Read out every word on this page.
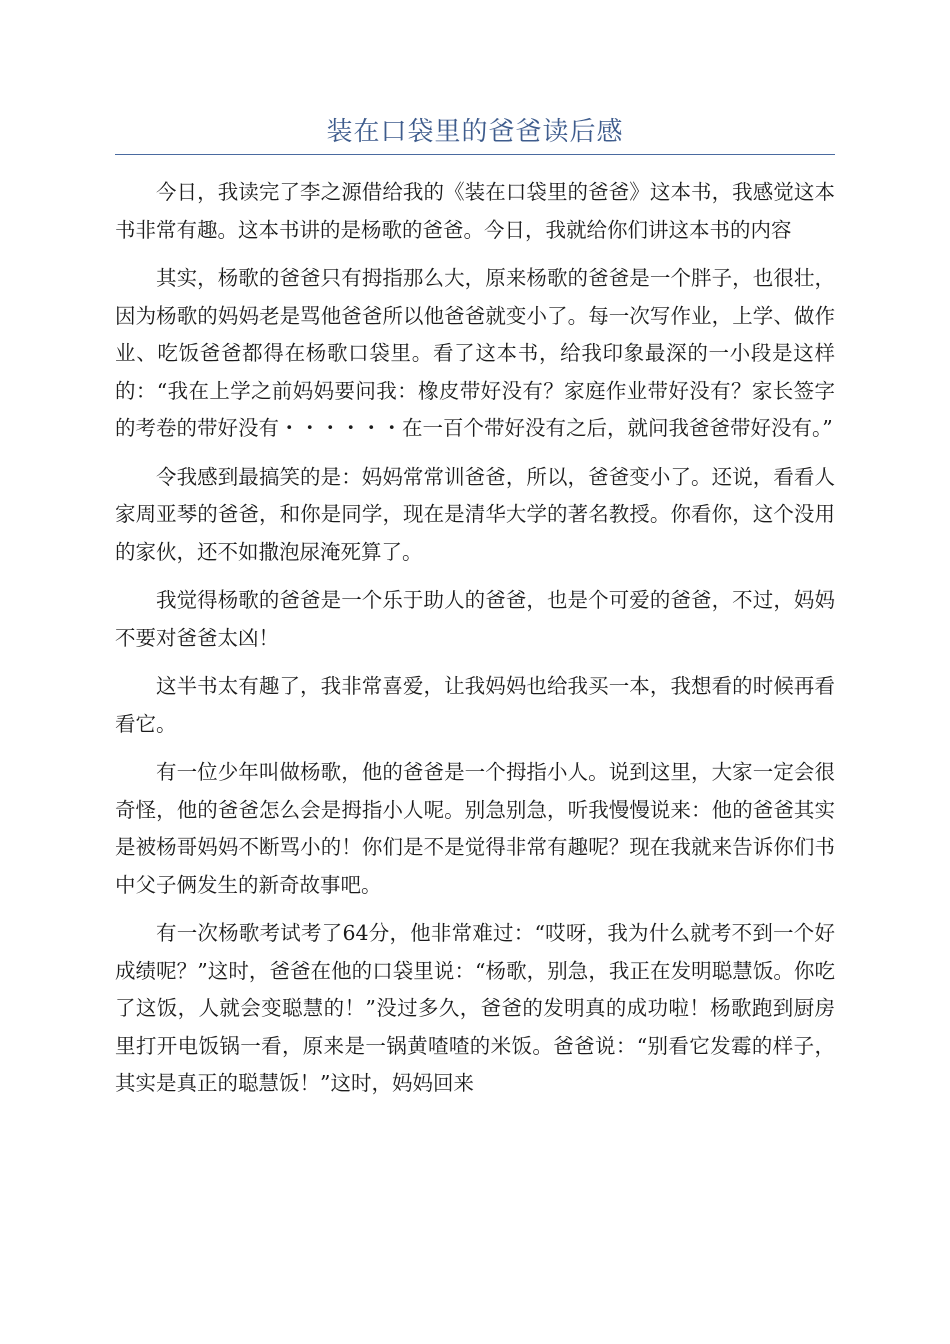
装在口袋里的爸爸读后感

今日，我读完了李之源借给我的《装在口袋里的爸爸》这本书，我感觉这本书非常有趣。这本书讲的是杨歌的爸爸。今日，我就给你们讲这本书的内容

其实，杨歌的爸爸只有拇指那么大，原来杨歌的爸爸是一个胖子，也很壮，因为杨歌的妈妈老是骂他爸爸所以他爸爸就变小了。每一次写作业，上学、做作业、吃饭爸爸都得在杨歌口袋里。看了这本书，给我印象最深的一小段是这样的：“我在上学之前妈妈要问我：橡皮带好没有？家庭作业带好没有？家长签字的考卷的带好没有・・・・・・在一百个带好没有之后，就问我爸爸带好没有。”

令我感到最搞笑的是：妈妈常常训爸爸，所以，爸爸变小了。还说，看看人家周亚琴的爸爸，和你是同学，现在是清华大学的著名教授。你看你，这个没用的家伙，还不如撒泡尿淹死算了。

我觉得杨歌的爸爸是一个乐于助人的爸爸，也是个可爱的爸爸，不过，妈妈不要对爸爸太凶！

这半书太有趣了，我非常喜爱，让我妈妈也给我买一本，我想看的时候再看看它。

有一位少年叫做杨歌，他的爸爸是一个拇指小人。说到这里，大家一定会很奇怪，他的爸爸怎么会是拇指小人呢。别急别急，听我慢慢说来：他的爸爸其实是被杨哥妈妈不断骂小的！你们是不是觉得非常有趣呢？现在我就来告诉你们书中父子俩发生的新奇故事吧。

有一次杨歌考试考了64分，他非常难过：“哎呀，我为什么就考不到一个好成绩呢？”这时，爸爸在他的口袋里说：“杨歌，别急，我正在发明聪慧饭。你吃了这饭，人就会变聪慧的！”没过多久，爸爸的发明真的成功啦！杨歌跑到厨房里打开电饭锅一看，原来是一锅黄喳喳的米饭。爸爸说：“别看它发霉的样子，其实是真正的聪慧饭！”这时，妈妈回来
